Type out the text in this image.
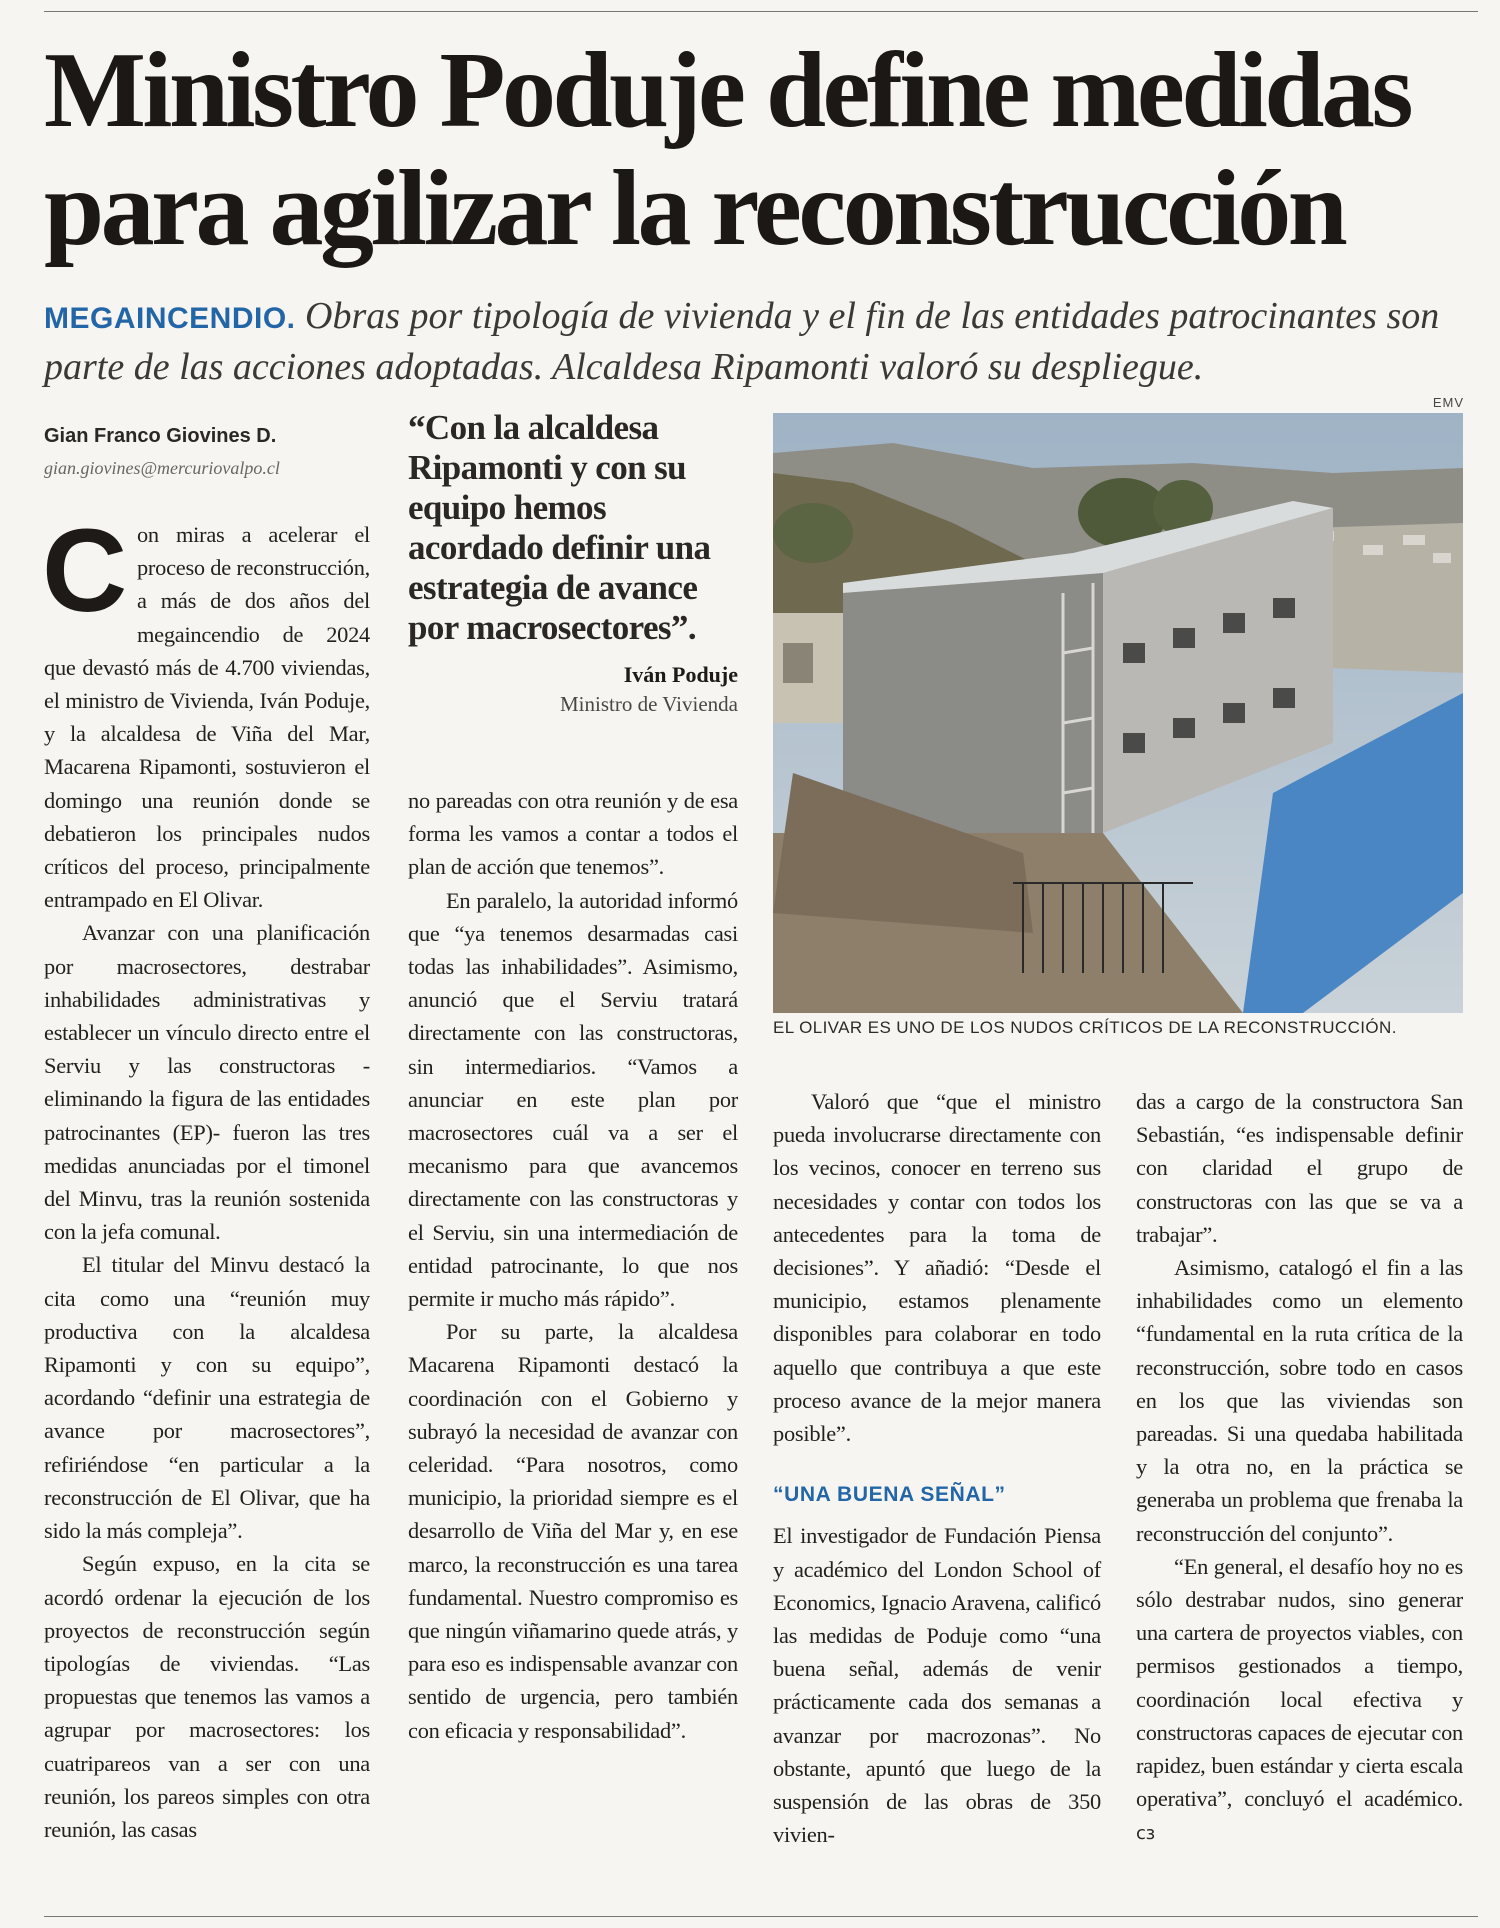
Ministro Poduje define medidas para agilizar la reconstrucción

MEGAINCENDIO. Obras por tipología de vivienda y el fin de las entidades patrocinantes son parte de las acciones adoptadas. Alcaldesa Ripamonti valoró su despliegue.

EMV
Gian Franco Giovines D.
gian.giovines@mercuriovalpo.cl

Con miras a acelerar el proceso de reconstrucción, a más de dos años del megaincendio de 2024 que devastó más de 4.700 viviendas, el ministro de Vivienda, Iván Poduje, y la alcaldesa de Viña del Mar, Macarena Ripamonti, sostuvieron el domingo una reunión donde se debatieron los principales nudos críticos del proceso, principalmente entrampado en El Olivar.

Avanzar con una planificación por macrosectores, destrabar inhabilidades administrativas y establecer un vínculo directo entre el Serviu y las constructoras -eliminando la figura de las entidades patrocinantes (EP)- fueron las tres medidas anunciadas por el timonel del Minvu, tras la reunión sostenida con la jefa comunal.

El titular del Minvu destacó la cita como una “reunión muy productiva con la alcaldesa Ripamonti y con su equipo”, acordando “definir una estrategia de avance por macrosectores”, refiriéndose “en particular a la reconstrucción de El Olivar, que ha sido la más compleja”.

Según expuso, en la cita se acordó ordenar la ejecución de los proyectos de reconstrucción según tipologías de viviendas. “Las propuestas que tenemos las vamos a agrupar por macrosectores: los cuatripareos van a ser con una reunión, los pareos simples con otra reunión, las casas

“Con la alcaldesa Ripamonti y con su equipo hemos acordado definir una estrategia de avance por macrosectores”.
Iván Poduje
Ministro de Vivienda

no pareadas con otra reunión y de esa forma les vamos a contar a todos el plan de acción que tenemos”.

En paralelo, la autoridad informó que “ya tenemos desarmadas casi todas las inhabilidades”. Asimismo, anunció que el Serviu tratará directamente con las constructoras, sin intermediarios. “Vamos a anunciar en este plan por macrosectores cuál va a ser el mecanismo para que avancemos directamente con las constructoras y el Serviu, sin una intermediación de entidad patrocinante, lo que nos permite ir mucho más rápido”.

Por su parte, la alcaldesa Macarena Ripamonti destacó la coordinación con el Gobierno y subrayó la necesidad de avanzar con celeridad. “Para nosotros, como municipio, la prioridad siempre es el desarrollo de Viña del Mar y, en ese marco, la reconstrucción es una tarea fundamental. Nuestro compromiso es que ningún viñamarino quede atrás, y para eso es indispensable avanzar con sentido de urgencia, pero también con eficacia y responsabilidad”.

EL OLIVAR ES UNO DE LOS NUDOS CRÍTICOS DE LA RECONSTRUCCIÓN.

Valoró que “que el ministro pueda involucrarse directamente con los vecinos, conocer en terreno sus necesidades y contar con todos los antecedentes para la toma de decisiones”. Y añadió: “Desde el municipio, estamos plenamente disponibles para colaborar en todo aquello que contribuya a que este proceso avance de la mejor manera posible”.

“UNA BUENA SEÑAL”

El investigador de Fundación Piensa y académico del London School of Economics, Ignacio Aravena, calificó las medidas de Poduje como “una buena señal, además de venir prácticamente cada dos semanas a avanzar por macrozonas”. No obstante, apuntó que luego de la suspensión de las obras de 350 vivien-

das a cargo de la constructora San Sebastián, “es indispensable definir con claridad el grupo de constructoras con las que se va a trabajar”.

Asimismo, catalogó el fin a las inhabilidades como un elemento “fundamental en la ruta crítica de la reconstrucción, sobre todo en casos en los que las viviendas son pareadas. Si una quedaba habilitada y la otra no, en la práctica se generaba un problema que frenaba la reconstrucción del conjunto”.

“En general, el desafío hoy no es sólo destrabar nudos, sino generar una cartera de proyectos viables, con permisos gestionados a tiempo, coordinación local efectiva y constructoras capaces de ejecutar con rapidez, buen estándar y cierta escala operativa”, concluyó el académico. cз
